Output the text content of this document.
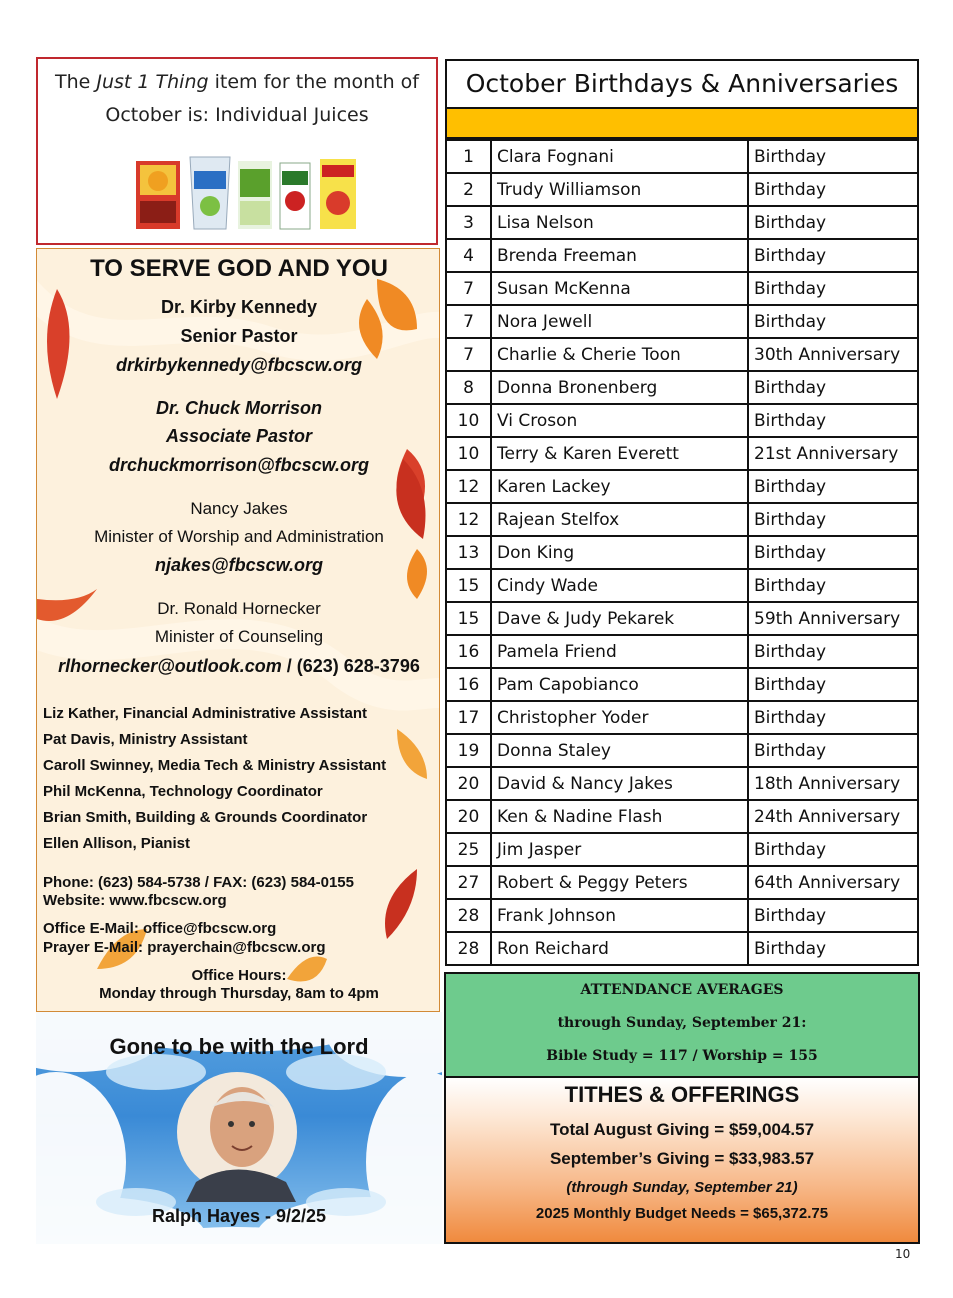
The Just 1 Thing item for the month of
October is: Individual Juices
TO SERVE GOD AND YOU
Dr. Kirby Kennedy
Senior Pastor
drkirbykennedy@fbcscw.org
Dr. Chuck Morrison
Associate Pastor
drchuckmorrison@fbcscw.org
Nancy Jakes
Minister of Worship and Administration
njakes@fbcscw.org
Dr. Ronald Hornecker
Minister of Counseling
rlhornecker@outlook.com / (623) 628-3796
Liz Kather, Financial Administrative Assistant
Pat Davis, Ministry Assistant
Caroll Swinney, Media Tech & Ministry Assistant
Phil McKenna, Technology Coordinator
Brian Smith, Building & Grounds Coordinator
Ellen Allison, Pianist
Phone: (623) 584-5738 / FAX: (623) 584-0155
Website: www.fbcscw.org
Office E-Mail: office@fbcscw.org
Prayer E-Mail: prayerchain@fbcscw.org
Office Hours:
Monday through Thursday, 8am to 4pm
Gone to be with the Lord
Ralph Hayes - 9/2/25
October Birthdays & Anniversaries
1	Clara Fognani	Birthday
2	Trudy Williamson	Birthday
3	Lisa Nelson	Birthday
4	Brenda Freeman	Birthday
7	Susan McKenna	Birthday
7	Nora Jewell	Birthday
7	Charlie & Cherie Toon	30th Anniversary
8	Donna Bronenberg	Birthday
10	Vi Croson	Birthday
10	Terry & Karen Everett	21st Anniversary
12	Karen Lackey	Birthday
12	Rajean Stelfox	Birthday
13	Don King	Birthday
15	Cindy Wade	Birthday
15	Dave & Judy Pekarek	59th Anniversary
16	Pamela Friend	Birthday
16	Pam Capobianco	Birthday
17	Christopher Yoder	Birthday
19	Donna Staley	Birthday
20	David & Nancy Jakes	18th Anniversary
20	Ken & Nadine Flash	24th Anniversary
25	Jim Jasper	Birthday
27	Robert & Peggy Peters	64th Anniversary
28	Frank Johnson	Birthday
28	Ron Reichard	Birthday
ATTENDANCE AVERAGES
through Sunday, September 21:
Bible Study = 117 / Worship = 155
TITHES & OFFERINGS
Total August Giving = $59,004.57
September’s Giving = $33,983.57
(through Sunday, September 21)
2025 Monthly Budget Needs = $65,372.75
10
